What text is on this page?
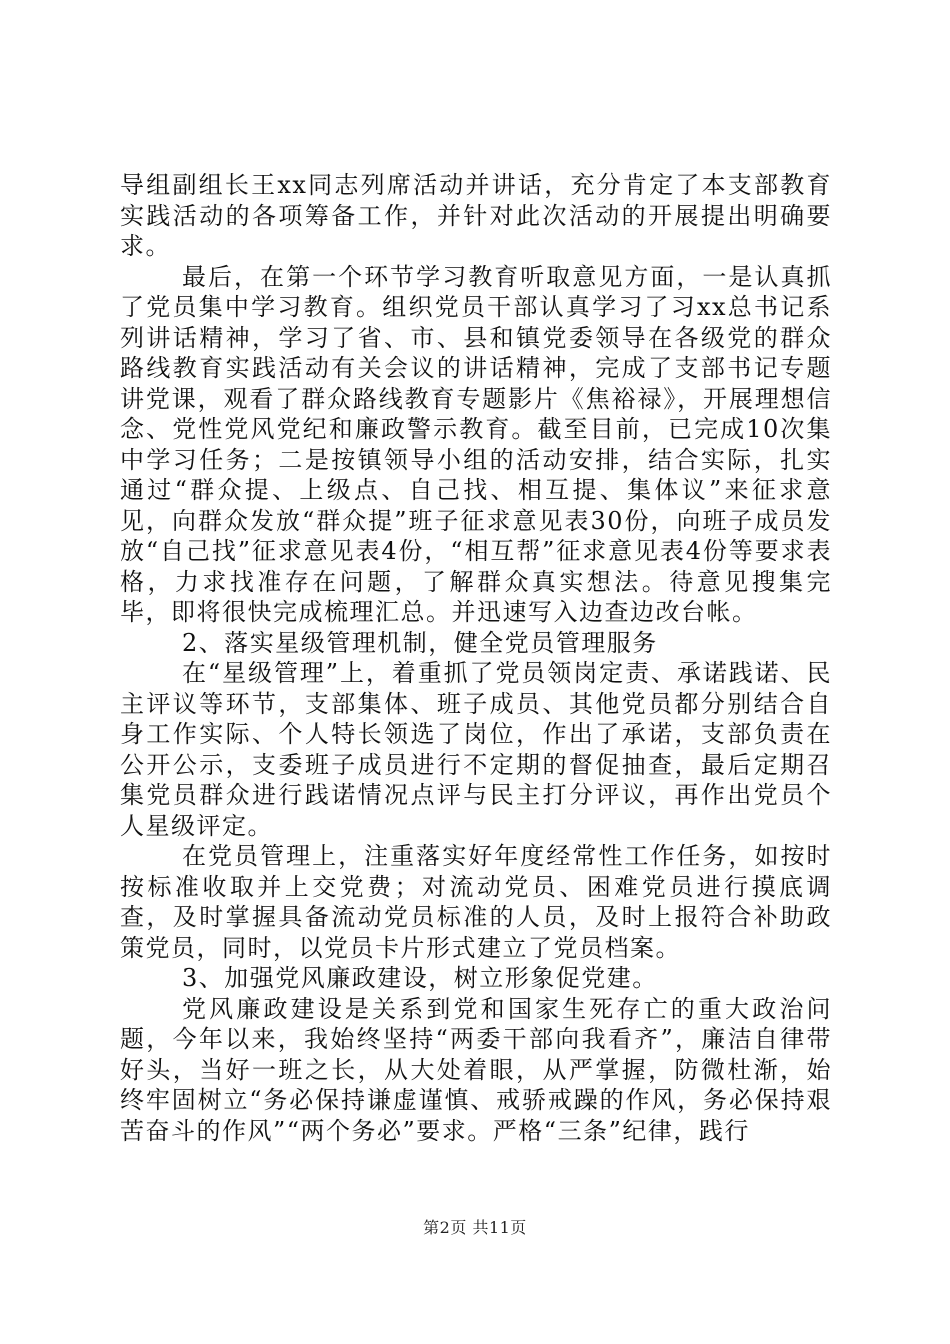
导组副组长王xx同志列席活动并讲话，充分肯定了本支部教育实践活动的各项筹备工作，并针对此次活动的开展提出明确要求。

最后，在第一个环节学习教育听取意见方面，一是认真抓了党员集中学习教育。组织党员干部认真学习了习xx总书记系列讲话精神，学习了省、市、县和镇党委领导在各级党的群众路线教育实践活动有关会议的讲话精神，完成了支部书记专题讲党课，观看了群众路线教育专题影片《焦裕禄》，开展理想信念、党性党风党纪和廉政警示教育。截至目前，已完成10次集中学习任务；二是按镇领导小组的活动安排，结合实际，扎实通过“群众提、上级点、自己找、相互提、集体议”来征求意见，向群众发放“群众提”班子征求意见表30份，向班子成员发放“自己找”征求意见表4份，“相互帮”征求意见表4份等要求表格，力求找准存在问题，了解群众真实想法。待意见搜集完毕，即将很快完成梳理汇总。并迅速写入边查边改台帐。

2、落实星级管理机制，健全党员管理服务

在“星级管理”上，着重抓了党员领岗定责、承诺践诺、民主评议等环节，支部集体、班子成员、其他党员都分别结合自身工作实际、个人特长领选了岗位，作出了承诺，支部负责在公开公示，支委班子成员进行不定期的督促抽查，最后定期召集党员群众进行践诺情况点评与民主打分评议，再作出党员个人星级评定。

在党员管理上，注重落实好年度经常性工作任务，如按时按标准收取并上交党费；对流动党员、困难党员进行摸底调查，及时掌握具备流动党员标准的人员，及时上报符合补助政策党员，同时，以党员卡片形式建立了党员档案。

3、加强党风廉政建设，树立形象促党建。

党风廉政建设是关系到党和国家生死存亡的重大政治问题，今年以来，我始终坚持“两委干部向我看齐”，廉洁自律带好头，当好一班之长，从大处着眼，从严掌握，防微杜渐，始终牢固树立“务必保持谦虚谨慎、戒骄戒躁的作风，务必保持艰苦奋斗的作风”“两个务必”要求。严格“三条”纪律，践行

第2页 共11页
